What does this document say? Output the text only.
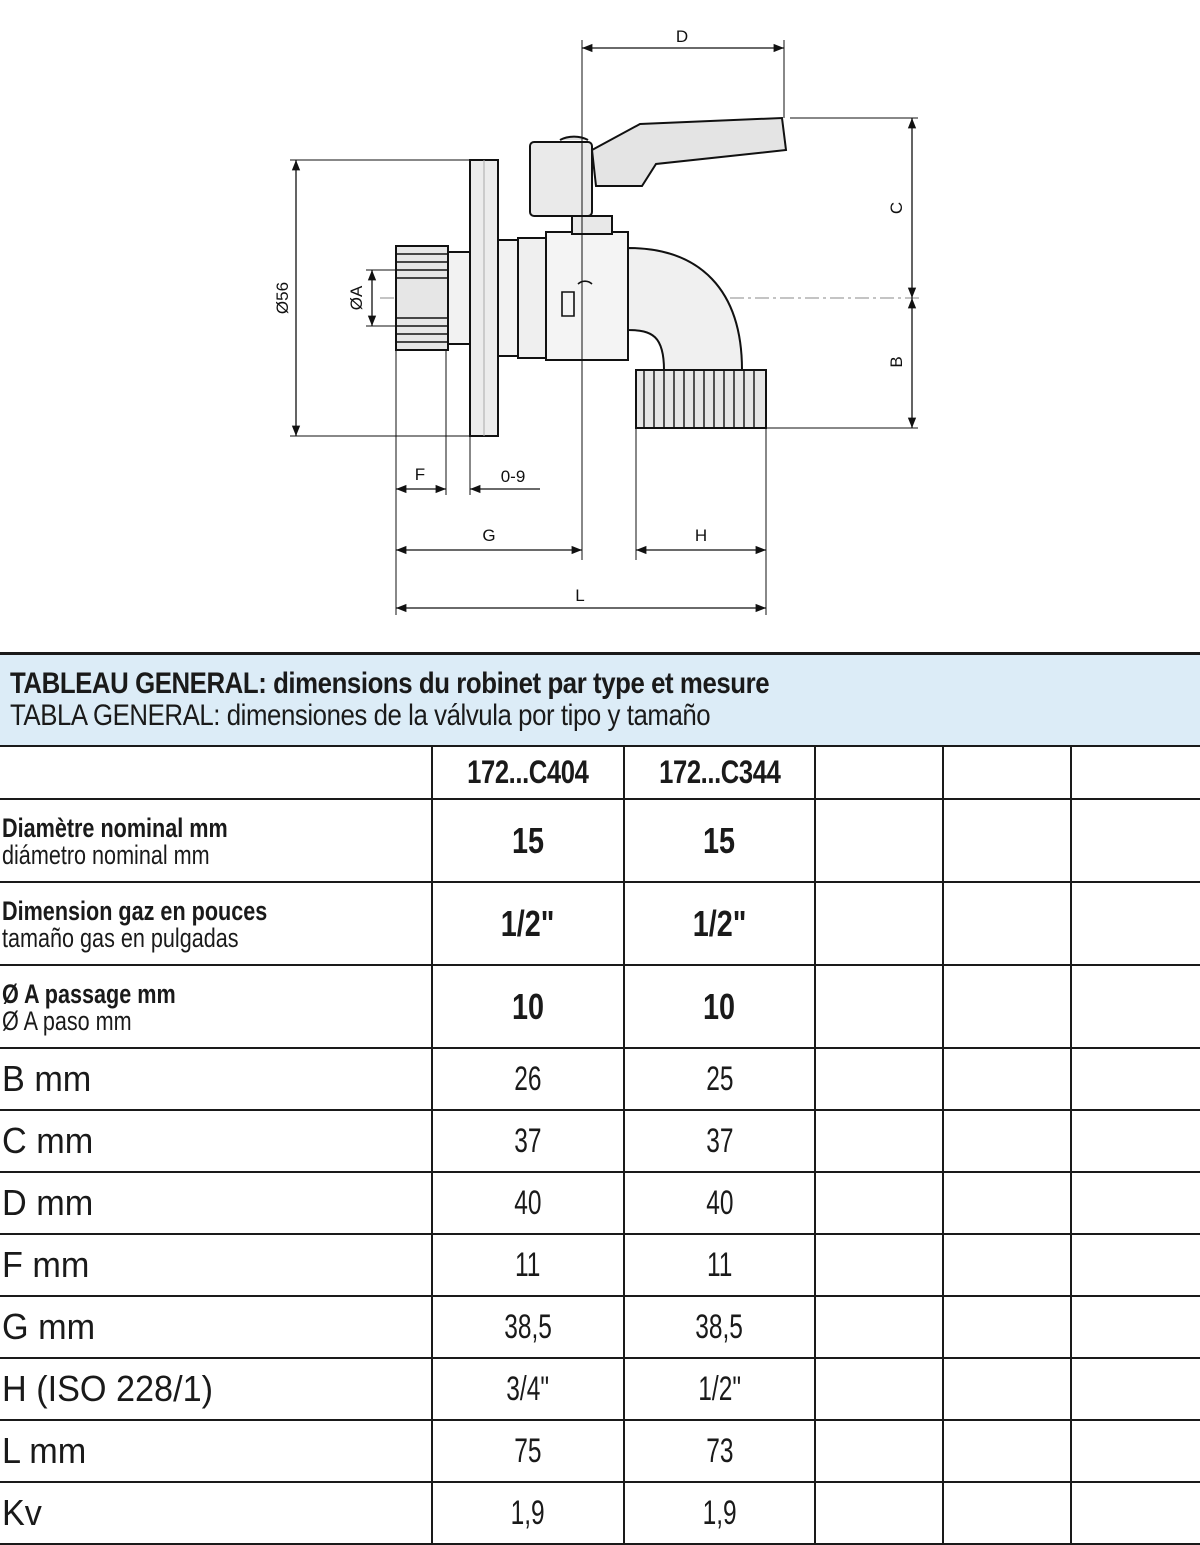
D
C
B
Ø56	ØA
F	0-9
G	H
L
TABLEAU GENERAL: dimensions du robinet par type et mesure
TABLA GENERAL: dimensiones de la válvula por tipo y tamaño					

	172...C404	172...C344			

Diamètre nominal mm
diámetro nominal mm	15	15			

Dimension gaz en pouces
tamaño gas en pulgadas	1/2"	1/2"			

Ø A passage mm
Ø A paso mm	10	10			
B mm	26	25			
C mm	37	37			
D mm	40	40			
F mm	11	11			
G mm	38,5	38,5			
H (ISO 228/1)	3/4"	1/2"			
L mm	75	73			
Kv	1,9	1,9			
